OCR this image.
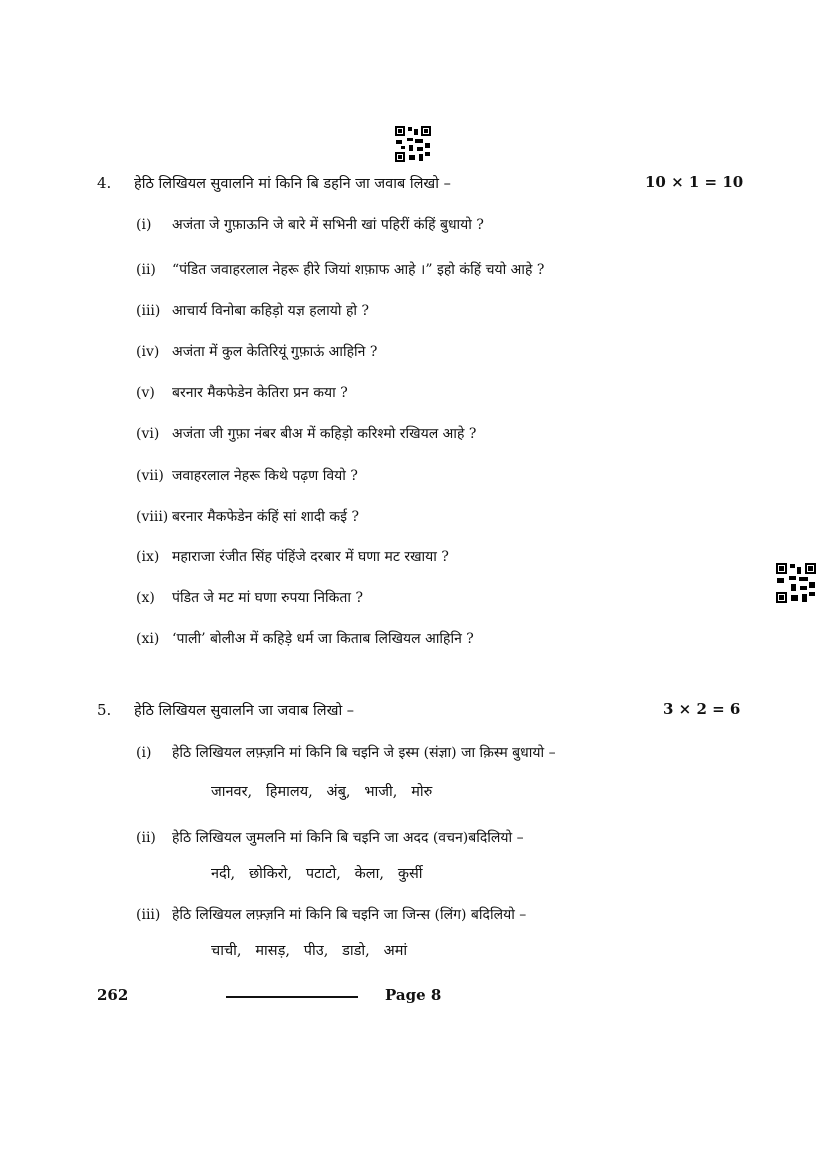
4. हेठि लिखियल सुवालनि मां किनि बि डहनि जा जवाब लिखो –	10 × 1 = 10
(i) अजंता जे गुफ़ाऊनि जे बारे में सभिनी खां पहिरीं कंहिं बुधायो ?
(ii) “पंडित जवाहरलाल नेहरू हीरे जियां शफ़ाफ आहे ।” इहो कंहिं चयो आहे ?
(iii) आचार्य विनोबा कहिड़ो यज्ञ हलायो हो ?
(iv) अजंता में कुल केतिरियूं गुफ़ाऊं आहिनि ?
(v) बरनार मैकफेडेन केतिरा प्रन कया ?
(vi) अजंता जी गुफ़ा नंबर बीअ में कहिड़ो करिश्मो रखियल आहे ?
(vii) जवाहरलाल नेहरू किथे पढ़ण वियो ?
(viii) बरनार मैकफेडेन कंहिं सां शादी कई ?
(ix) महाराजा रंजीत सिंह पंहिंजे दरबार में घणा मट रखाया ?
(x) पंडित जे मट मां घणा रुपया निकिता ?
(xi) ‘पाली’ बोलीअ में कहिड़े धर्म जा किताब लिखियल आहिनि ?
5. हेठि लिखियल सुवालनि जा जवाब लिखो –	3 × 2 = 6
(i) हेठि लिखियल लफ़्ज़नि मां किनि बि चइनि जे इस्म (संज्ञा) जा क़िस्म बुधायो –
जानवर,   हिमालय,   अंबु,   भाजी,   मोरु
(ii) हेठि लिखियल जुमलनि मां किनि बि चइनि जा अदद (वचन)बदिलियो –
नदी,   छोकिरो,   पटाटो,   केला,   कुर्सी
(iii) हेठि लिखियल लफ़्ज़नि मां किनि बि चइनि जा जिन्स (लिंग) बदिलियो –
चाची,   मासड़,   पीउ,   डाडो,   अमां
262	Page 8
